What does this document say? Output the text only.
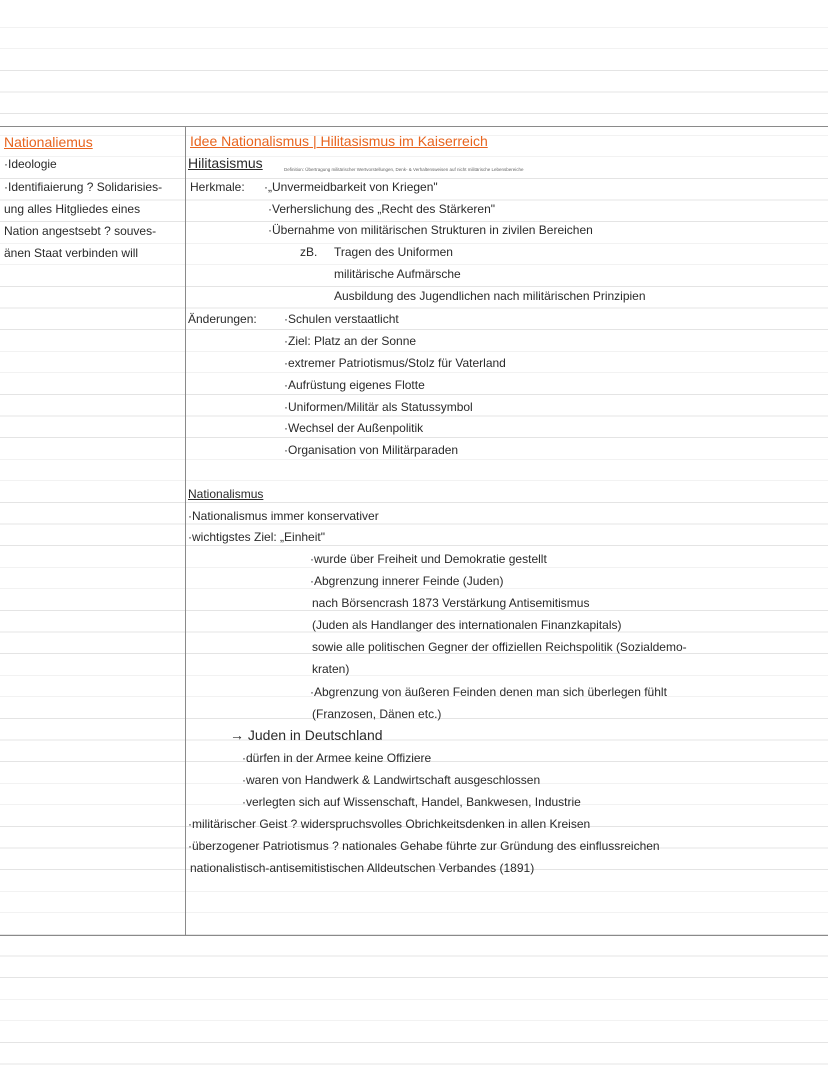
Nationaliemus
·Ideologie
·Identifiaierung ? Solidarisies-
ung alles Hitgliedes eines
Nation angestsebt ? souves-
änen Staat verbinden will
Idee Nationalismus | Hilitasismus im Kaiserreich
Hilitasismus	Definition: Übertragung militärischer Wertvorstellungen, Denk- & Verhaltensweisen auf nicht militärische Lebensbereiche
Herkmale: ·„Unvermeidbarkeit von Kriegen"
·Verherslichung des „Recht des Stärkeren"
·Übernahme von militärischen Strukturen in zivilen Bereichen
zB. Tragen des Uniformen
militärische Aufmärsche
Ausbildung des Jugendlichen nach militärischen Prinzipien
Änderungen: ·Schulen verstaatlicht
·Ziel: Platz an der Sonne
·extremer Patriotismus/Stolz für Vaterland
·Aufrüstung eigenes Flotte
·Uniformen/Militär als Statussymbol
·Wechsel der Außenpolitik
·Organisation von Militärparaden
Nationalismus
·Nationalismus immer konservativer
·wichtigstes Ziel: „Einheit"
·wurde über Freiheit und Demokratie gestellt
·Abgrenzung innerer Feinde (Juden)
nach Börsencrash 1873 Verstärkung Antisemitismus
(Juden als Handlanger des internationalen Finanzkapitals)
sowie alle politischen Gegner der offiziellen Reichspolitik (Sozialdemo-
kraten)
·Abgrenzung von äußeren Feinden denen man sich überlegen fühlt
(Franzosen, Dänen etc.)
→ Juden in Deutschland
·dürfen in der Armee keine Offiziere
·waren von Handwerk & Landwirtschaft ausgeschlossen
·verlegten sich auf Wissenschaft, Handel, Bankwesen, Industrie
·militärischer Geist ? widerspruchsvolles Obrichkeitsdenken in allen Kreisen
·überzogener Patriotismus ? nationales Gehabe führte zur Gründung des einflussreichen
nationalistisch-antisemitistischen Alldeutschen Verbandes (1891)
